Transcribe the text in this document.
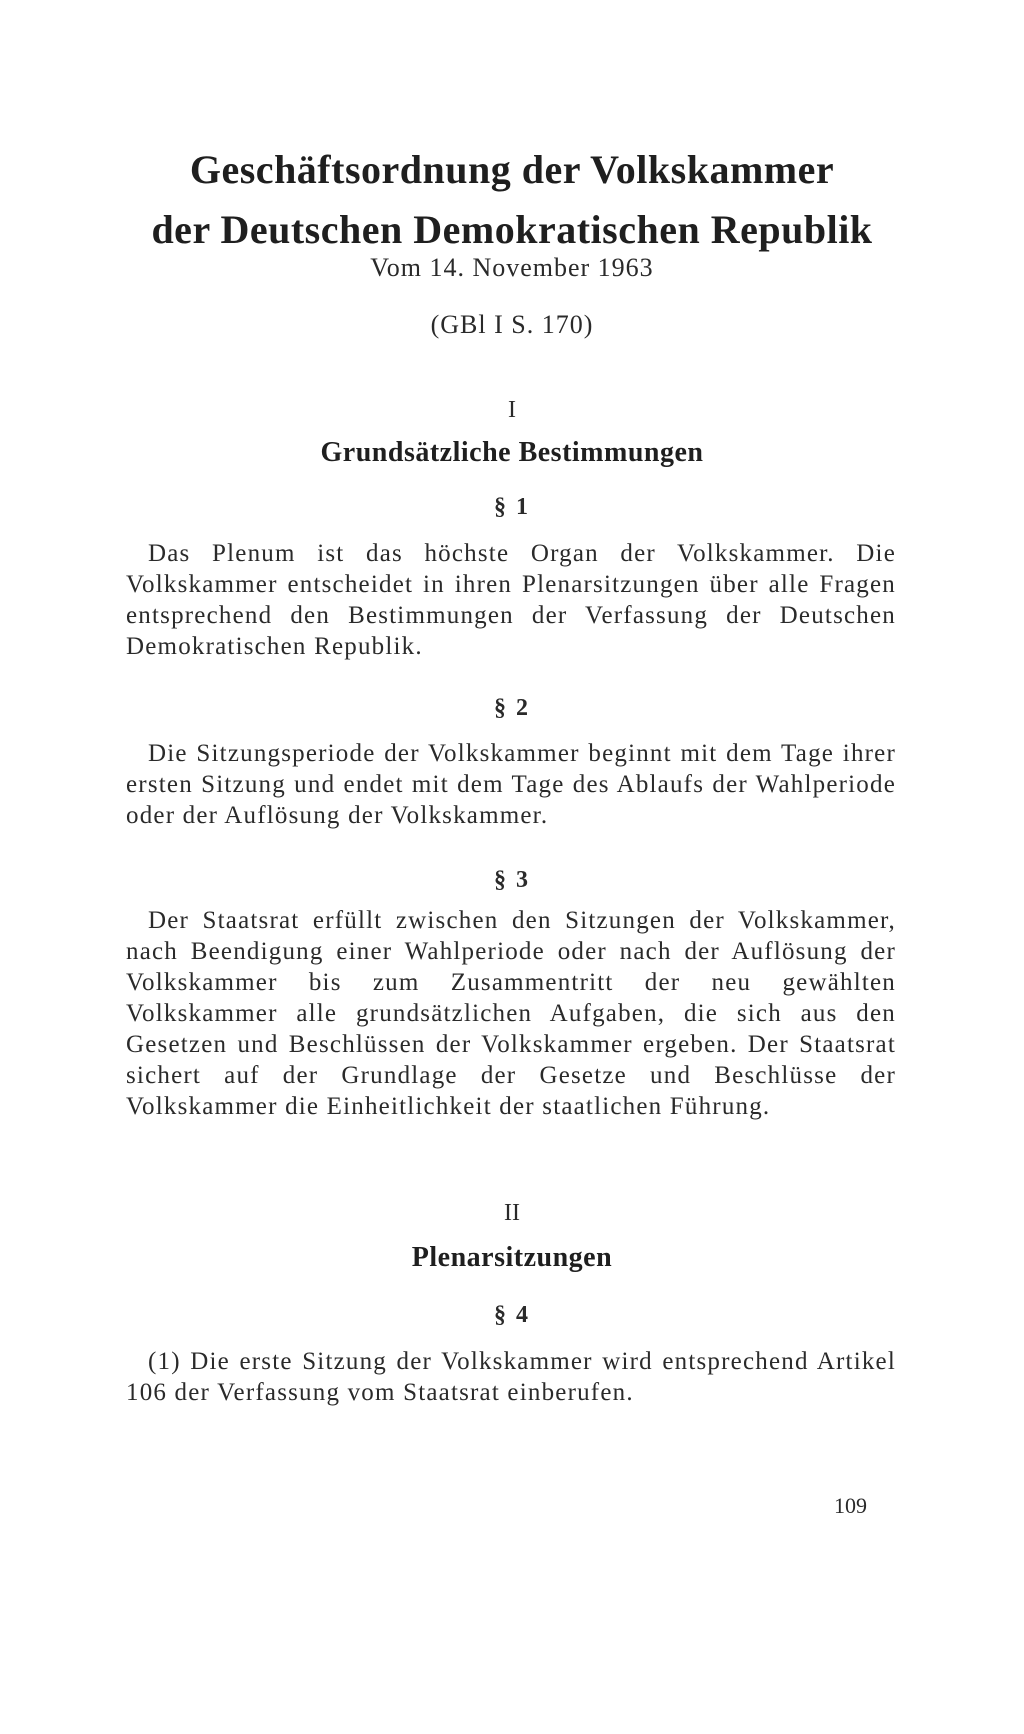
Geschäftsordnung der Volkskammer

der Deutschen Demokratischen Republik

Vom 14. November 1963
(GBl I S. 170)
I
Grundsätzliche Bestimmungen
§ 1
Das Plenum ist das höchste Organ der Volkskammer. Die Volkskammer entscheidet in ihren Plenarsitzungen über alle Fragen entsprechend den Bestimmungen der Verfassung der Deutschen Demokratischen Republik.
§ 2
Die Sitzungsperiode der Volkskammer beginnt mit dem Tage ihrer ersten Sitzung und endet mit dem Tage des Ablaufs der Wahlperiode oder der Auflösung der Volkskammer.
§ 3
Der Staatsrat erfüllt zwischen den Sitzungen der Volkskammer, nach Beendigung einer Wahlperiode oder nach der Auflösung der Volkskammer bis zum Zusammentritt der neu gewählten Volkskammer alle grundsätzlichen Aufgaben, die sich aus den Gesetzen und Beschlüssen der Volkskammer ergeben. Der Staatsrat sichert auf der Grundlage der Gesetze und Beschlüsse der Volkskammer die Einheitlichkeit der staatlichen Führung.
II
Plenarsitzungen
§ 4
(1) Die erste Sitzung der Volkskammer wird entsprechend Artikel 106 der Verfassung vom Staatsrat einberufen.
109
